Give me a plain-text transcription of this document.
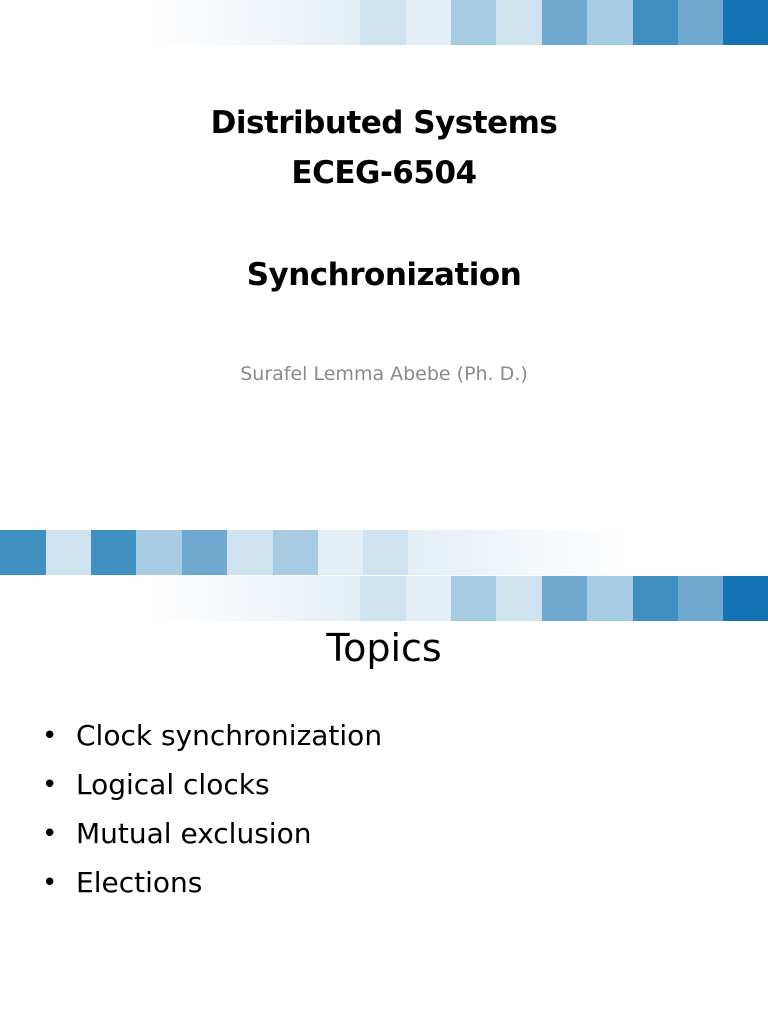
Distributed Systems
ECEG-6504
Synchronization
Surafel Lemma Abebe (Ph. D.)
Topics
• Clock synchronization
• Logical clocks
• Mutual exclusion
• Elections
